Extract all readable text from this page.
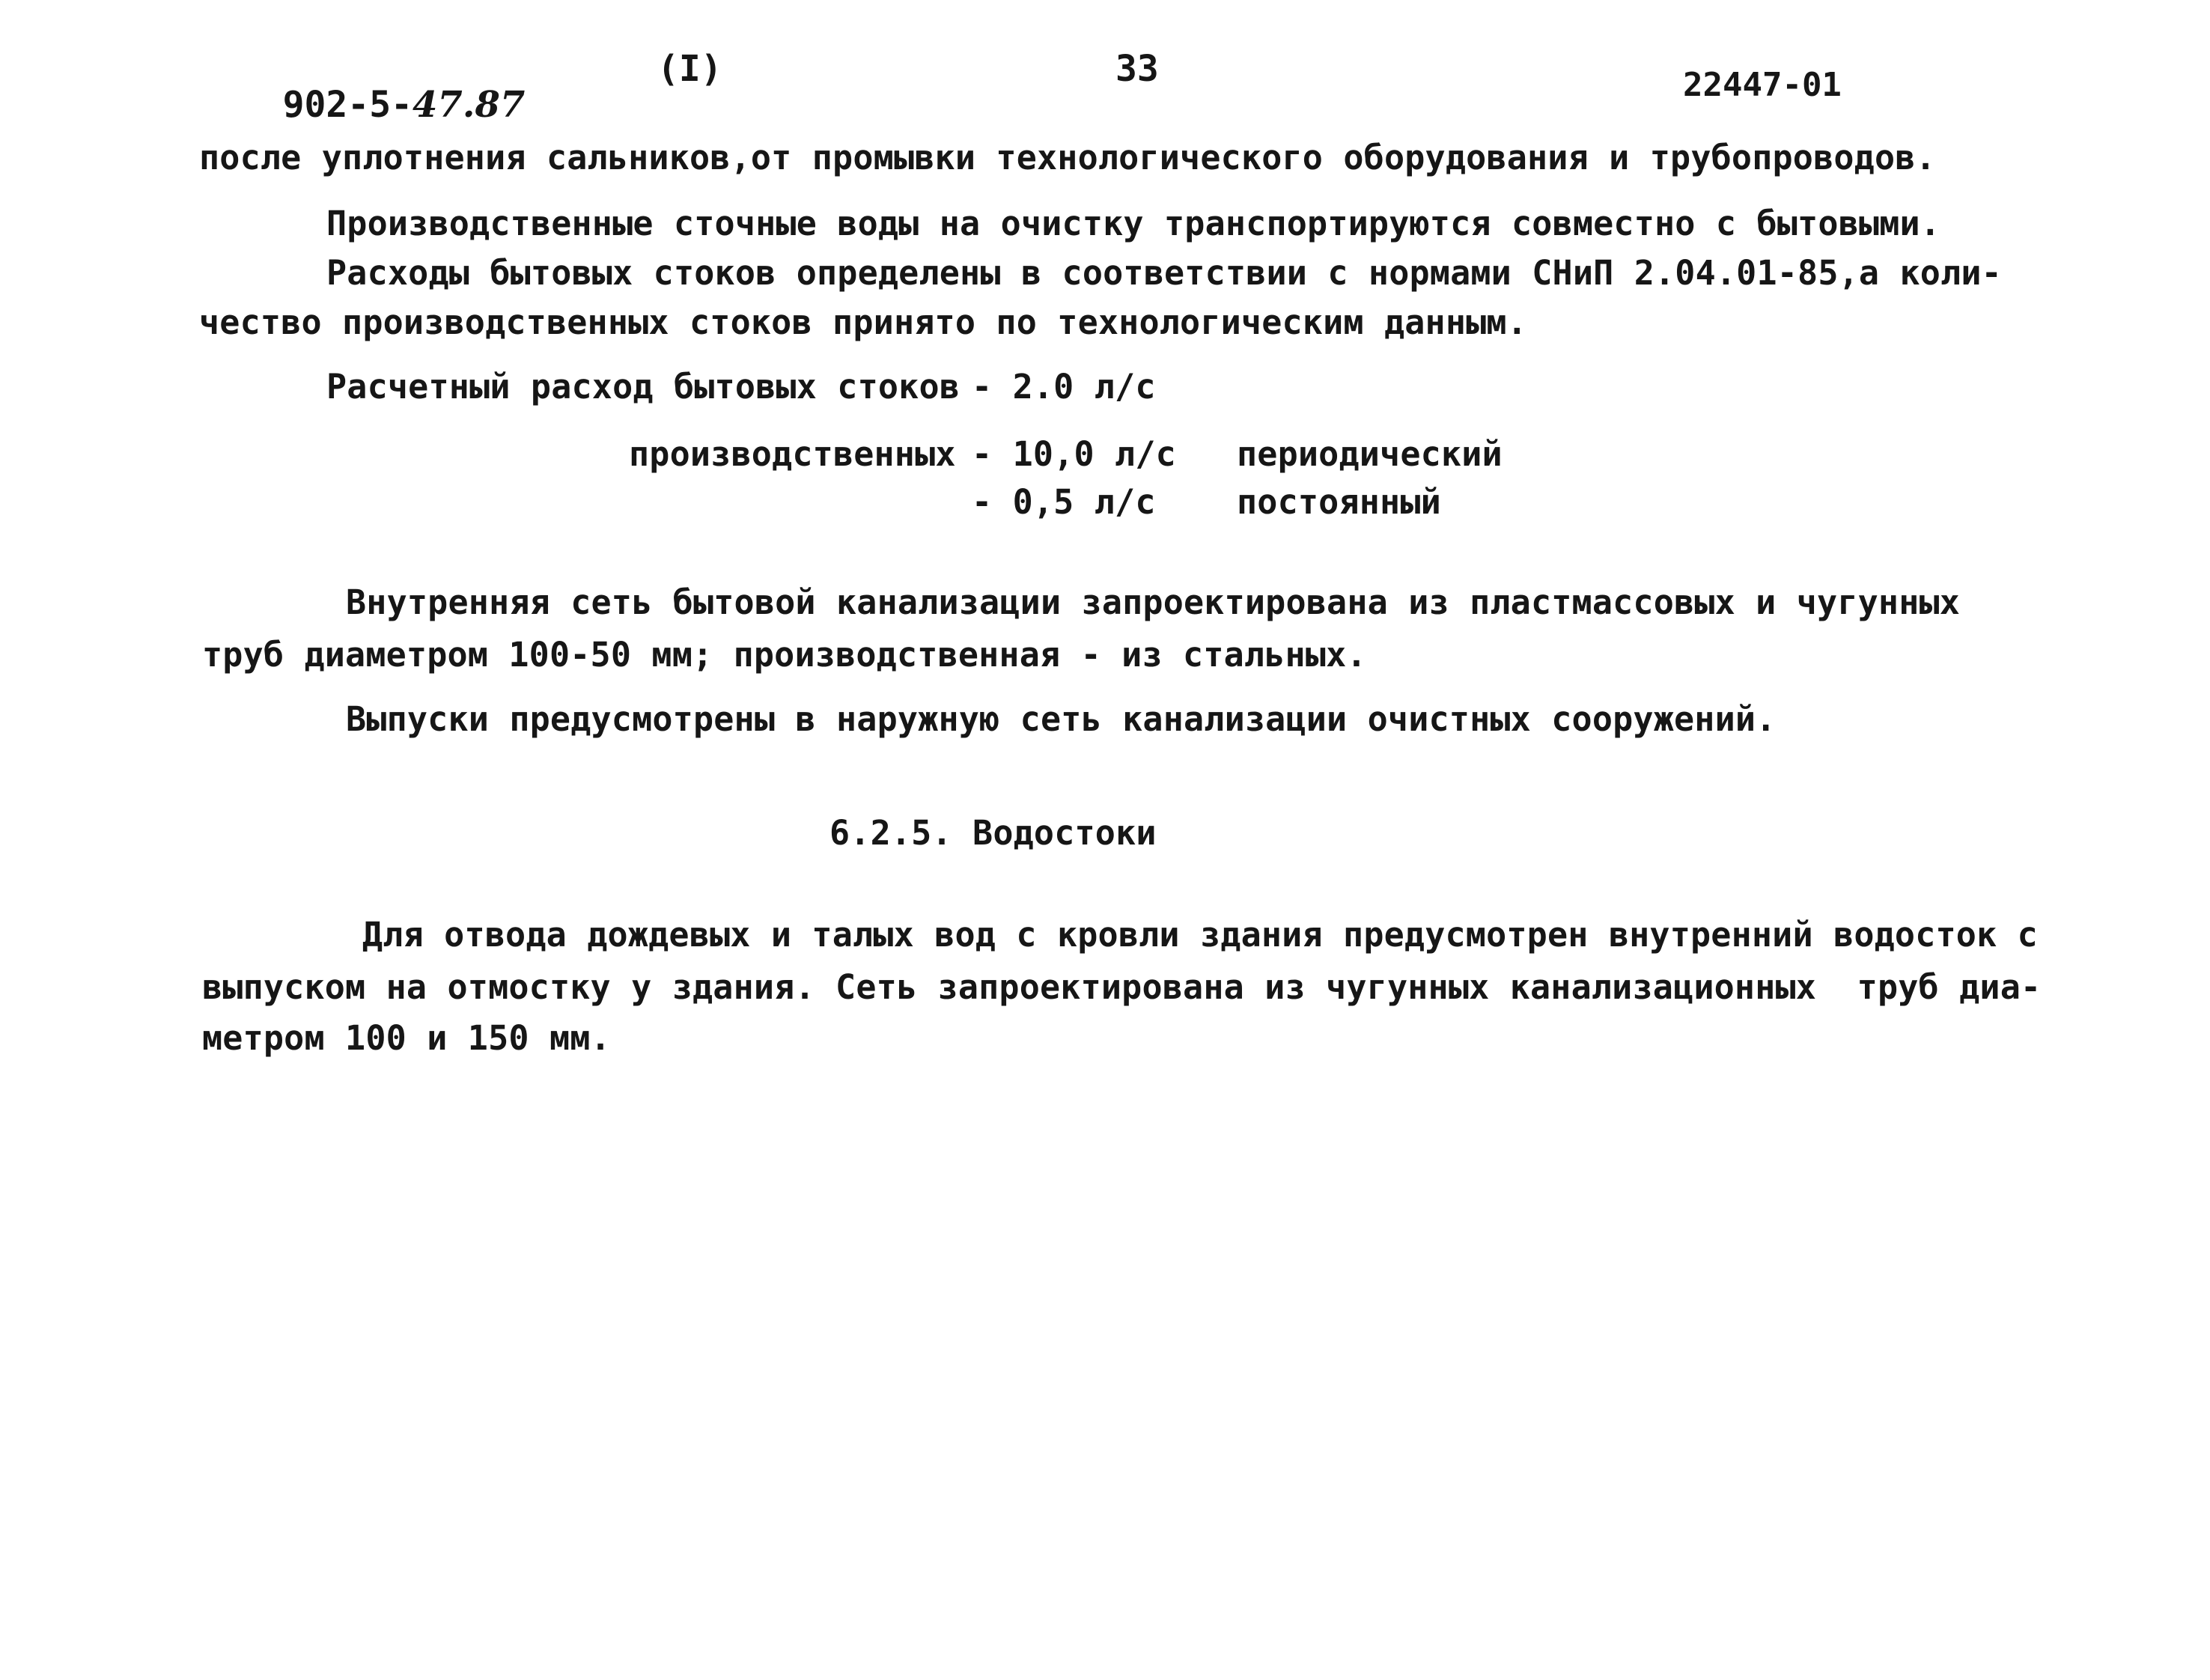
902-5-47.87

(I)	33	22447-01
после уплотнения сальников,от промывки технологического оборудования и трубопроводов.
Производственные сточные воды на очистку транспортируются совместно с бытовыми.
Расходы бытовых стоков определены в соответствии с нормами СНиП 2.04.01-85,а коли-
чество производственных стоков принято по технологическим данным.
Расчетный расход бытовых стоков - 2.0 л/с
производственных - 10,0 л/с периодический
- 0,5 л/с постоянный
Внутренняя сеть бытовой канализации запроектирована из пластмассовых и чугунных
труб диаметром 100-50 мм; производственная - из стальных.
Выпуски предусмотрены в наружную сеть канализации очистных сооружений.
6.2.5. Водостоки
Для отвода дождевых и талых вод с кровли здания предусмотрен внутренний водосток с
выпуском на отмостку у здания. Сеть запроектирована из чугунных канализационных  труб диа-
метром 100 и 150 мм.
